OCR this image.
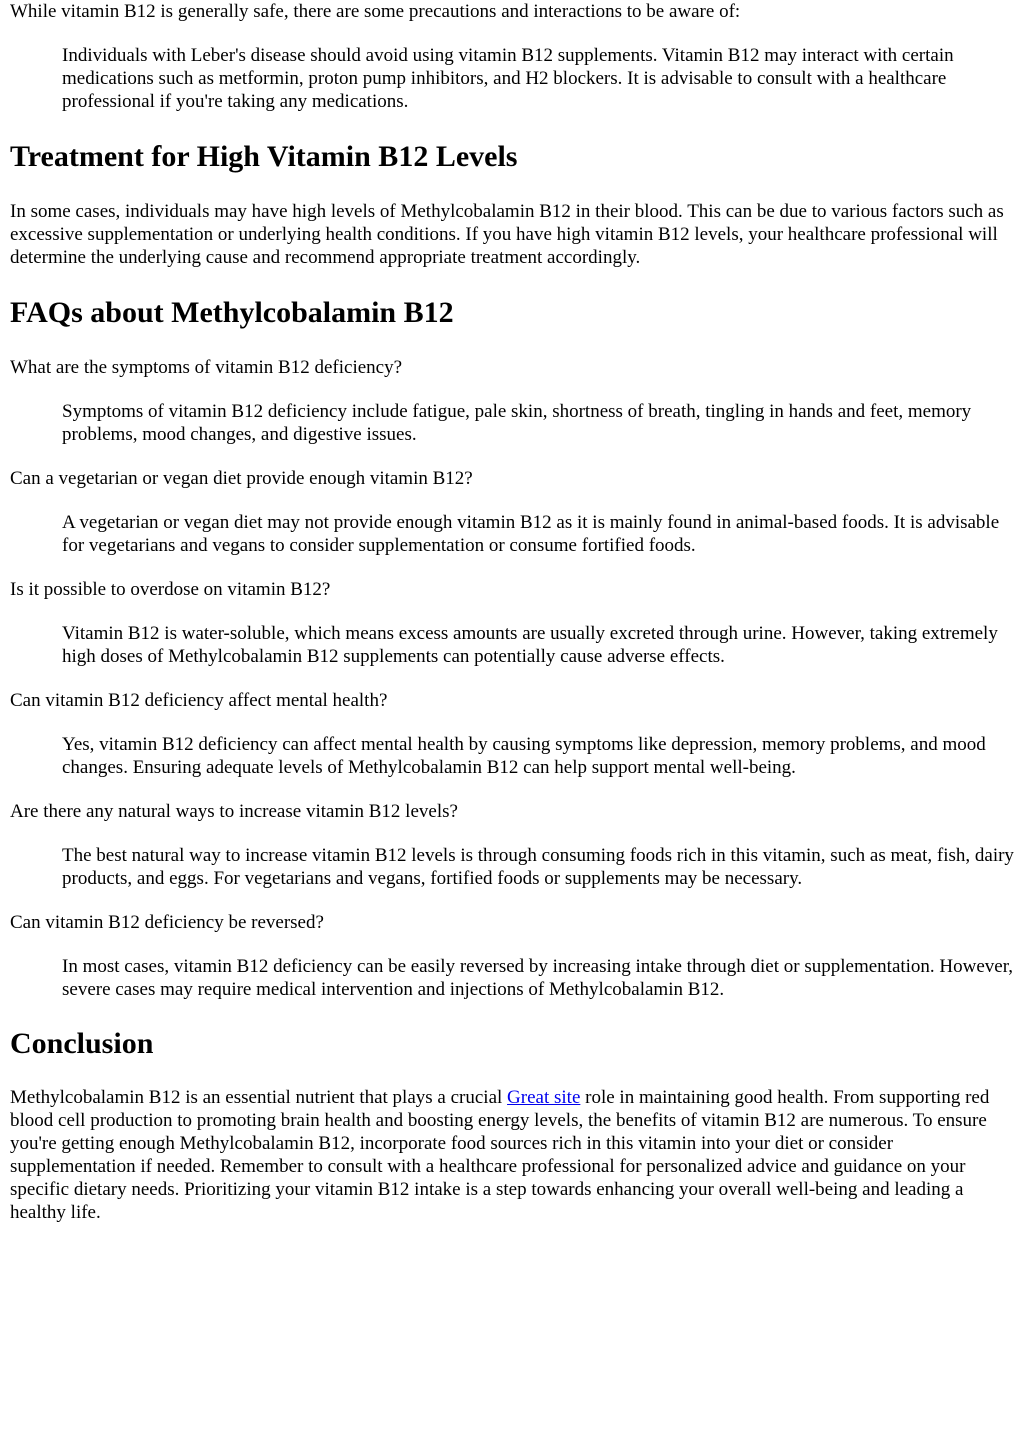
While vitamin B12 is generally safe, there are some precautions and interactions to be aware of:

Individuals with Leber's disease should avoid using vitamin B12 supplements. Vitamin B12 may interact with certain medications such as metformin, proton pump inhibitors, and H2 blockers. It is advisable to consult with a healthcare professional if you're taking any medications.

Treatment for High Vitamin B12 Levels

In some cases, individuals may have high levels of Methylcobalamin B12 in their blood. This can be due to various factors such as excessive supplementation or underlying health conditions. If you have high vitamin B12 levels, your healthcare professional will determine the underlying cause and recommend appropriate treatment accordingly.

FAQs about Methylcobalamin B12

What are the symptoms of vitamin B12 deficiency?

Symptoms of vitamin B12 deficiency include fatigue, pale skin, shortness of breath, tingling in hands and feet, memory problems, mood changes, and digestive issues.

Can a vegetarian or vegan diet provide enough vitamin B12?

A vegetarian or vegan diet may not provide enough vitamin B12 as it is mainly found in animal-based foods. It is advisable for vegetarians and vegans to consider supplementation or consume fortified foods.

Is it possible to overdose on vitamin B12?

Vitamin B12 is water-soluble, which means excess amounts are usually excreted through urine. However, taking extremely high doses of Methylcobalamin B12 supplements can potentially cause adverse effects.

Can vitamin B12 deficiency affect mental health?

Yes, vitamin B12 deficiency can affect mental health by causing symptoms like depression, memory problems, and mood changes. Ensuring adequate levels of Methylcobalamin B12 can help support mental well-being.

Are there any natural ways to increase vitamin B12 levels?

The best natural way to increase vitamin B12 levels is through consuming foods rich in this vitamin, such as meat, fish, dairy products, and eggs. For vegetarians and vegans, fortified foods or supplements may be necessary.

Can vitamin B12 deficiency be reversed?

In most cases, vitamin B12 deficiency can be easily reversed by increasing intake through diet or supplementation. However, severe cases may require medical intervention and injections of Methylcobalamin B12.

Conclusion

Methylcobalamin B12 is an essential nutrient that plays a crucial Great site role in maintaining good health. From supporting red blood cell production to promoting brain health and boosting energy levels, the benefits of vitamin B12 are numerous. To ensure you're getting enough Methylcobalamin B12, incorporate food sources rich in this vitamin into your diet or consider supplementation if needed. Remember to consult with a healthcare professional for personalized advice and guidance on your specific dietary needs. Prioritizing your vitamin B12 intake is a step towards enhancing your overall well-being and leading a healthy life.
